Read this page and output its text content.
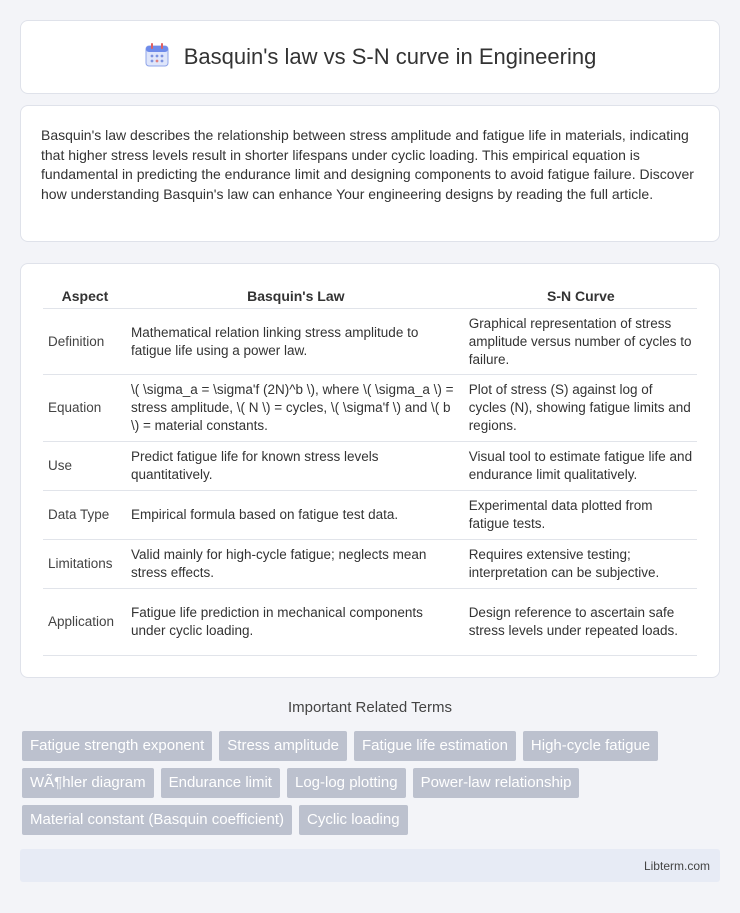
Basquin's law vs S-N curve in Engineering

Basquin's law describes the relationship between stress amplitude and fatigue life in materials, indicating that higher stress levels result in shorter lifespans under cyclic loading. This empirical equation is fundamental in predicting the endurance limit and designing components to avoid fatigue failure. Discover how understanding Basquin's law can enhance Your engineering designs by reading the full article.

Aspect	Basquin's Law	S-N Curve
Definition	Mathematical relation linking stress amplitude to fatigue life using a power law.	Graphical representation of stress amplitude versus number of cycles to failure.
Equation	\( \sigma_a = \sigma'f (2N)^b \), where \( \sigma_a \) = stress amplitude, \( N \) = cycles, \( \sigma'f \) and \( b \) = material constants.	Plot of stress (S) against log of cycles (N), showing fatigue limits and regions.
Use	Predict fatigue life for known stress levels quantitatively.	Visual tool to estimate fatigue life and endurance limit qualitatively.
Data Type	Empirical formula based on fatigue test data.	Experimental data plotted from fatigue tests.
Limitations	Valid mainly for high-cycle fatigue; neglects mean stress effects.	Requires extensive testing; interpretation can be subjective.
Application	Fatigue life prediction in mechanical components under cyclic loading.	Design reference to ascertain safe stress levels under repeated loads.
Important Related Terms
Fatigue strength exponent	Stress amplitude	Fatigue life estimation	High-cycle fatigue
WÃ¶hler diagram	Endurance limit	Log-log plotting	Power-law relationship
Material constant (Basquin coefficient)	Cyclic loading
Libterm.com
